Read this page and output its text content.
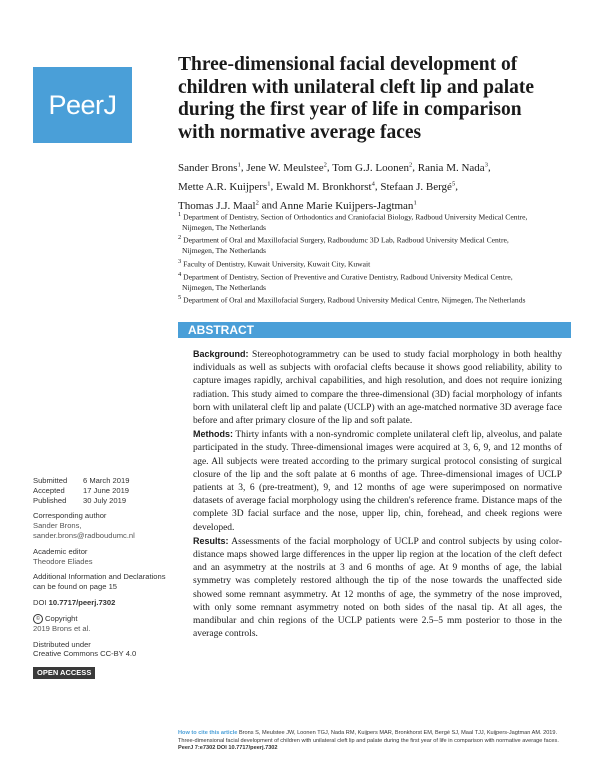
PeerJ
Three-dimensional facial development of children with unilateral cleft lip and palate during the first year of life in comparison with normative average faces
Sander Brons$^1$, Jene W. Meulstee$^2$, Tom G.J. Loonen$^2$, Rania M. Nada$^3$,
Mette A.R. Kuijpers$^1$, Ewald M. Bronkhorst$^4$, Stefaan J. Bergé$^5$,
Thomas J.J. Maal$^2$ and Anne Marie Kuijpers-Jagtman$^1$

$^1$ Department of Dentistry, Section of Orthodontics and Craniofacial Biology, Radboud University Medical Centre, Nijmegen, The Netherlands

$^2$ Department of Oral and Maxillofacial Surgery, Radboudumc 3D Lab, Radboud University Medical Centre, Nijmegen, The Netherlands

$^3$ Faculty of Dentistry, Kuwait University, Kuwait City, Kuwait

$^4$ Department of Dentistry, Section of Preventive and Curative Dentistry, Radboud University Medical Centre, Nijmegen, The Netherlands

$^5$ Department of Oral and Maxillofacial Surgery, Radboud University Medical Centre, Nijmegen, The Netherlands

ABSTRACT

Background: Stereophotogrammetry can be used to study facial morphology in both healthy individuals as well as subjects with orofacial clefts because it shows good reliability, ability to capture images rapidly, archival capabilities, and high resolution, and does not require ionizing radiation. This study aimed to compare the three-dimensional (3D) facial morphology of infants born with unilateral cleft lip and palate (UCLP) with an age-matched normative 3D average face before and after primary closure of the lip and soft palate.

Methods: Thirty infants with a non-syndromic complete unilateral cleft lip, alveolus, and palate participated in the study. Three-dimensional images were acquired at 3, 6, 9, and 12 months of age. All subjects were treated according to the primary surgical protocol consisting of surgical closure of the lip and the soft palate at 6 months of age. Three-dimensional images of UCLP patients at 3, 6 (pre-treatment), 9, and 12 months of age were superimposed on normative datasets of average facial morphology using the children's reference frame. Distance maps of the complete 3D facial surface and the nose, upper lip, chin, forehead, and cheek regions were developed.

Results: Assessments of the facial morphology of UCLP and control subjects by using color-distance maps showed large differences in the upper lip region at the location of the cleft defect and an asymmetry at the nostrils at 3 and 6 months of age. At 9 months of age, the labial symmetry was completely restored although the tip of the nose towards the unaffected side showed some remnant asymmetry. At 12 months of age, the symmetry of the nose improved, with only some remnant asymmetry noted on both sides of the nasal tip. At all ages, the mandibular and chin regions of the UCLP patients were 2.5–5 mm posterior to those in the average controls.

Submitted	6 March 2019
Accepted	17 June 2019
Published	30 July 2019
Corresponding author
Sander Brons,
sander.brons@radboudumc.nl
Academic editor
Theodore Eliades
Additional Information and Declarations can be found on page 15
DOI 10.7717/peerj.7302
© Copyright
2019 Brons et al.
Distributed under
Creative Commons CC-BY 4.0
OPEN ACCESS
How to cite this article Brons S, Meulstee JW, Loonen TGJ, Nada RM, Kuijpers MAR, Bronkhorst EM, Bergé SJ, Maal TJJ, Kuijpers-Jagtman AM. 2019. Three-dimensional facial development of children with unilateral cleft lip and palate during the first year of life in comparison with normative average faces. PeerJ 7:e7302 DOI 10.7717/peerj.7302
